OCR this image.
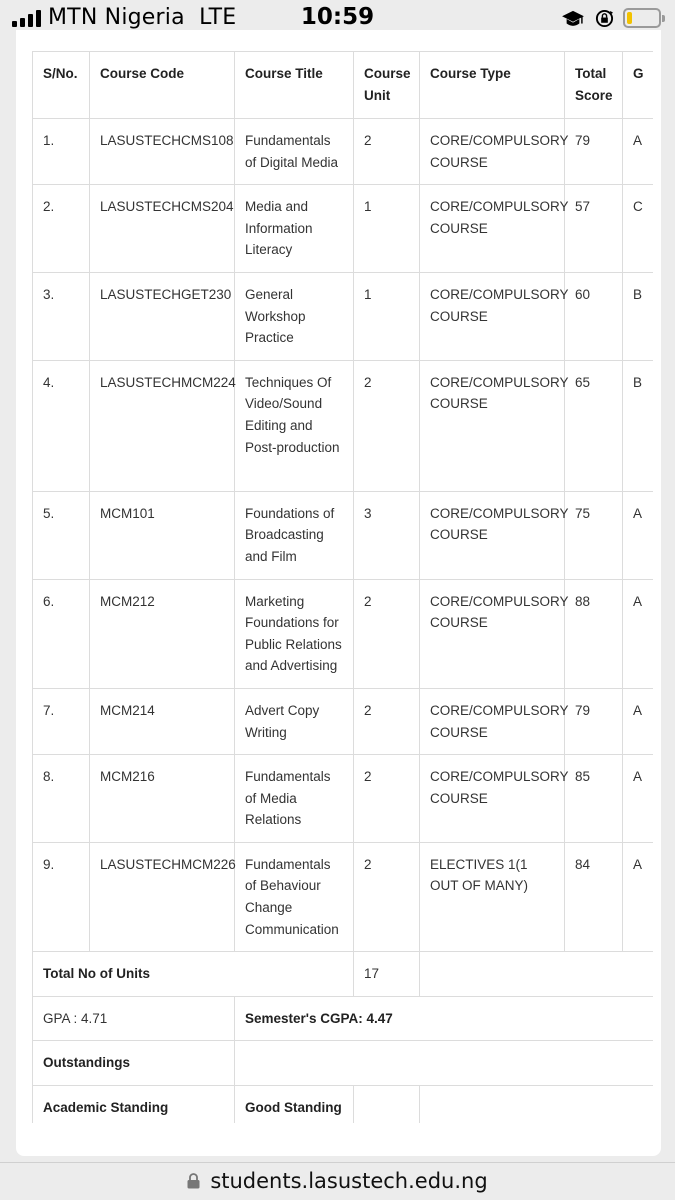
MTN Nigeria LTE	10:59
S/No.	Course Code	Course Title	Course Unit	Course Type	Total Score	G
1.	LASUSTECHCMS108	Fundamentals of Digital Media	2	CORE/COMPULSORY COURSE	79	A
2.	LASUSTECHCMS204	Media and Information Literacy	1	CORE/COMPULSORY COURSE	57	C
3.	LASUSTECHGET230	General Workshop Practice	1	CORE/COMPULSORY COURSE	60	B
4.	LASUSTECHMCM224	Techniques Of Video/Sound Editing and Post-production	2	CORE/COMPULSORY COURSE	65	B
5.	MCM101	Foundations of Broadcasting and Film	3	CORE/COMPULSORY COURSE	75	A
6.	MCM212	Marketing Foundations for Public Relations and Advertising	2	CORE/COMPULSORY COURSE	88	A
7.	MCM214	Advert Copy Writing	2	CORE/COMPULSORY COURSE	79	A
8.	MCM216	Fundamentals of Media Relations	2	CORE/COMPULSORY COURSE	85	A
9.	LASUSTECHMCM226	Fundamentals of Behaviour Change Communication	2	ELECTIVES 1(1 OUT OF MANY)	84	A
Total No of Units			17			
GPA : 4.71		Semester's CGPA: 4.47				
Outstandings						
Academic Standing		Good Standing				
students.lasustech.edu.ng
